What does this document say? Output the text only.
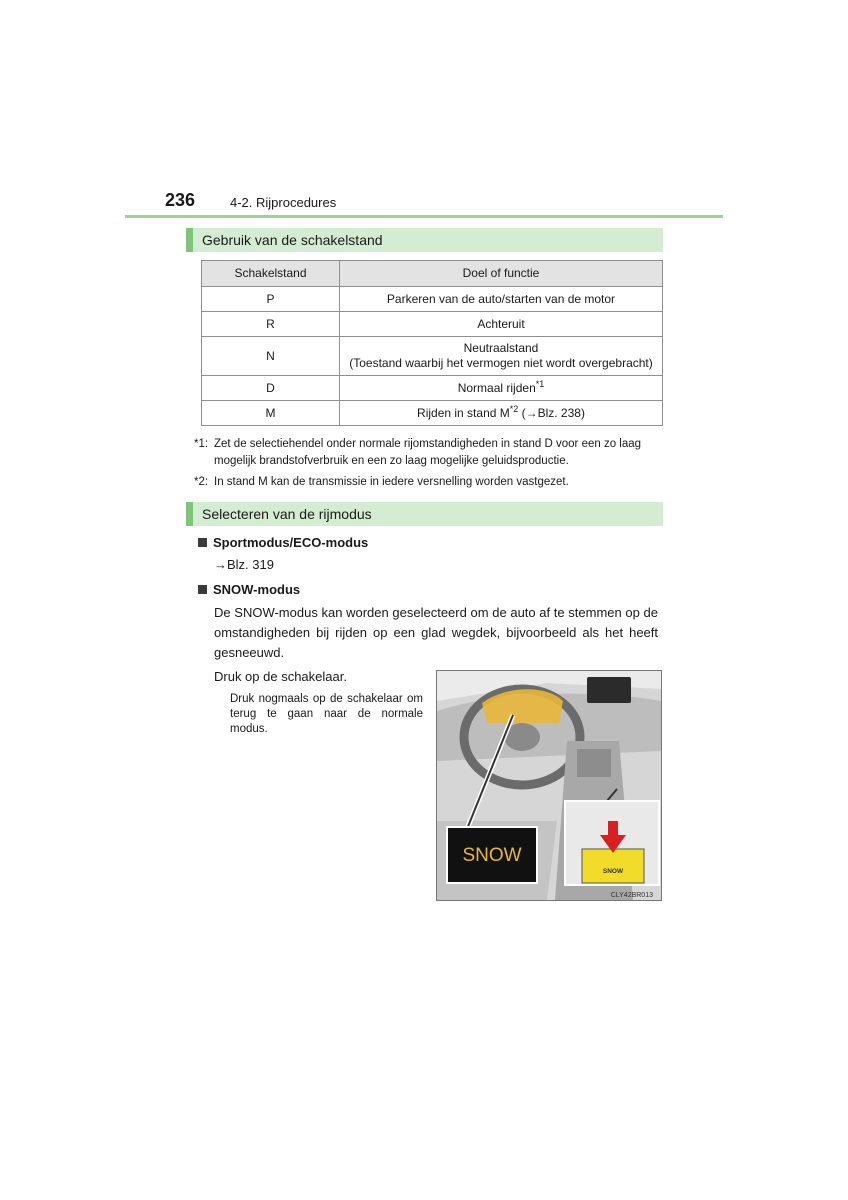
236	4-2. Rijprocedures
Gebruik van de schakelstand
Schakelstand	Doel of functie
P	Parkeren van de auto/starten van de motor
R	Achteruit
N	Neutraalstand
(Toestand waarbij het vermogen niet wordt overgebracht)
D	Normaal rijden$^{*1}$
M	Rijden in stand $M^{*2}$ (→Blz. 238)
*1: Zet de selectiehendel onder normale rijomstandigheden in stand D voor een zo laag mogelijk brandstofverbruik en een zo laag mogelijke geluidsproductie.
*2: In stand M kan de transmissie in iedere versnelling worden vastgezet.
Selecteren van de rijmodus
Sportmodus/ECO-modus
→Blz. 319
SNOW-modus
De SNOW-modus kan worden geselecteerd om de auto af te stemmen op de omstandigheden bij rijden op een glad wegdek, bijvoorbeeld als het heeft gesneeuwd.
Druk op de schakelaar.
Druk nogmaals op de schakelaar om terug te gaan naar de normale modus.
SNOW
SNOW
CLY42BR013
